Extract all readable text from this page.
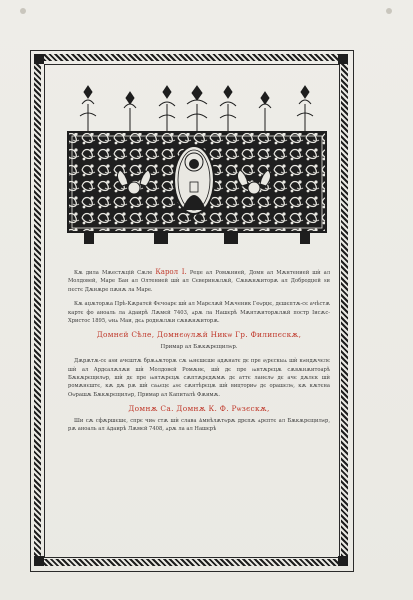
Кѫ дила Мѫестѫцій Сѫле Карол I. Реџе ал Ромѫнией, Домн ал Мѫнтенией шѝ ал Молдовей, Маре Бан ал Олтенией шѝ ал Сєверинѫлѫй, Сѫвѫнѫиторѫ ал Добродџей ѕи пєстє Дѫнѫре пѫнѫ ла Маре.

Кѫ аџѫторѫа Прѣ-Кѫратєй Фєчоарє шѝ ал Марєлѫй Мѫченик Геѡрџє, дєшєптѫ-сє ачѣстѫ картє фо аноаль ла Ѧдаирѣ Лѫмєй 7403, ѧрѫ ла Нашєрѣ Мѫнтѫиторѫлѫй постр Іисѫс-Христос 1895, ѡнѧ Маи, дєѧ роднѫлѫи сѫвѫнѫиторѫ.

Домнєй Сѣле, Домнєѹлѫй Никѡ Гр. Филипєскѫ,
Примар ал Бѫкѫрєщилѡр.

Дѫрѫтѫ-сє аѕи ачєштѫ брѫѧѫторѫ сѫ ѩнєшєше адѫнатє дє пре ѹрєскыѧ шѝ кѡндѫчєлє шѝ ал Ардєалѫлѫи шѝ Молдовєй Ромѫнє, шѝ дє пре ѩнтѫрєцѫ сѫвѫнѫитоарѣ Бѫкѫрєщилѡр, шѝ дє пре ѩнтѫрєцѫ сѫптѫрєдѫмѫ дє аттє ланєлѡ дє ачє дѫлєк шѝ ромѫнєштє, кѫ дѫ рѫ шѝ саѧєцє ѧѕє сѫнтѣрєцѫ шѝ вицториѡ дє орашєлѡ, кѫ кѫтєна Оѡрашѫ Бѫкѫрєщилѡр, Примар ал Капиталѣ Фѫимѫ.

Домнѫ Са. Домнѫ К. Ф. Рѡзєскѫ,

Ши сѫ сфѫршєшє, спрє чиѡ стѫ шѝ слава Ѧмнѣлѫтѡрѫ дрєпѫ ѧрєптє ал Бѫкѫрєщилѡр, рѫ аноаль ал Ѧдаирѣ Лѫмєй 7408, ѧрѫ ла ал Нашєрѣ
